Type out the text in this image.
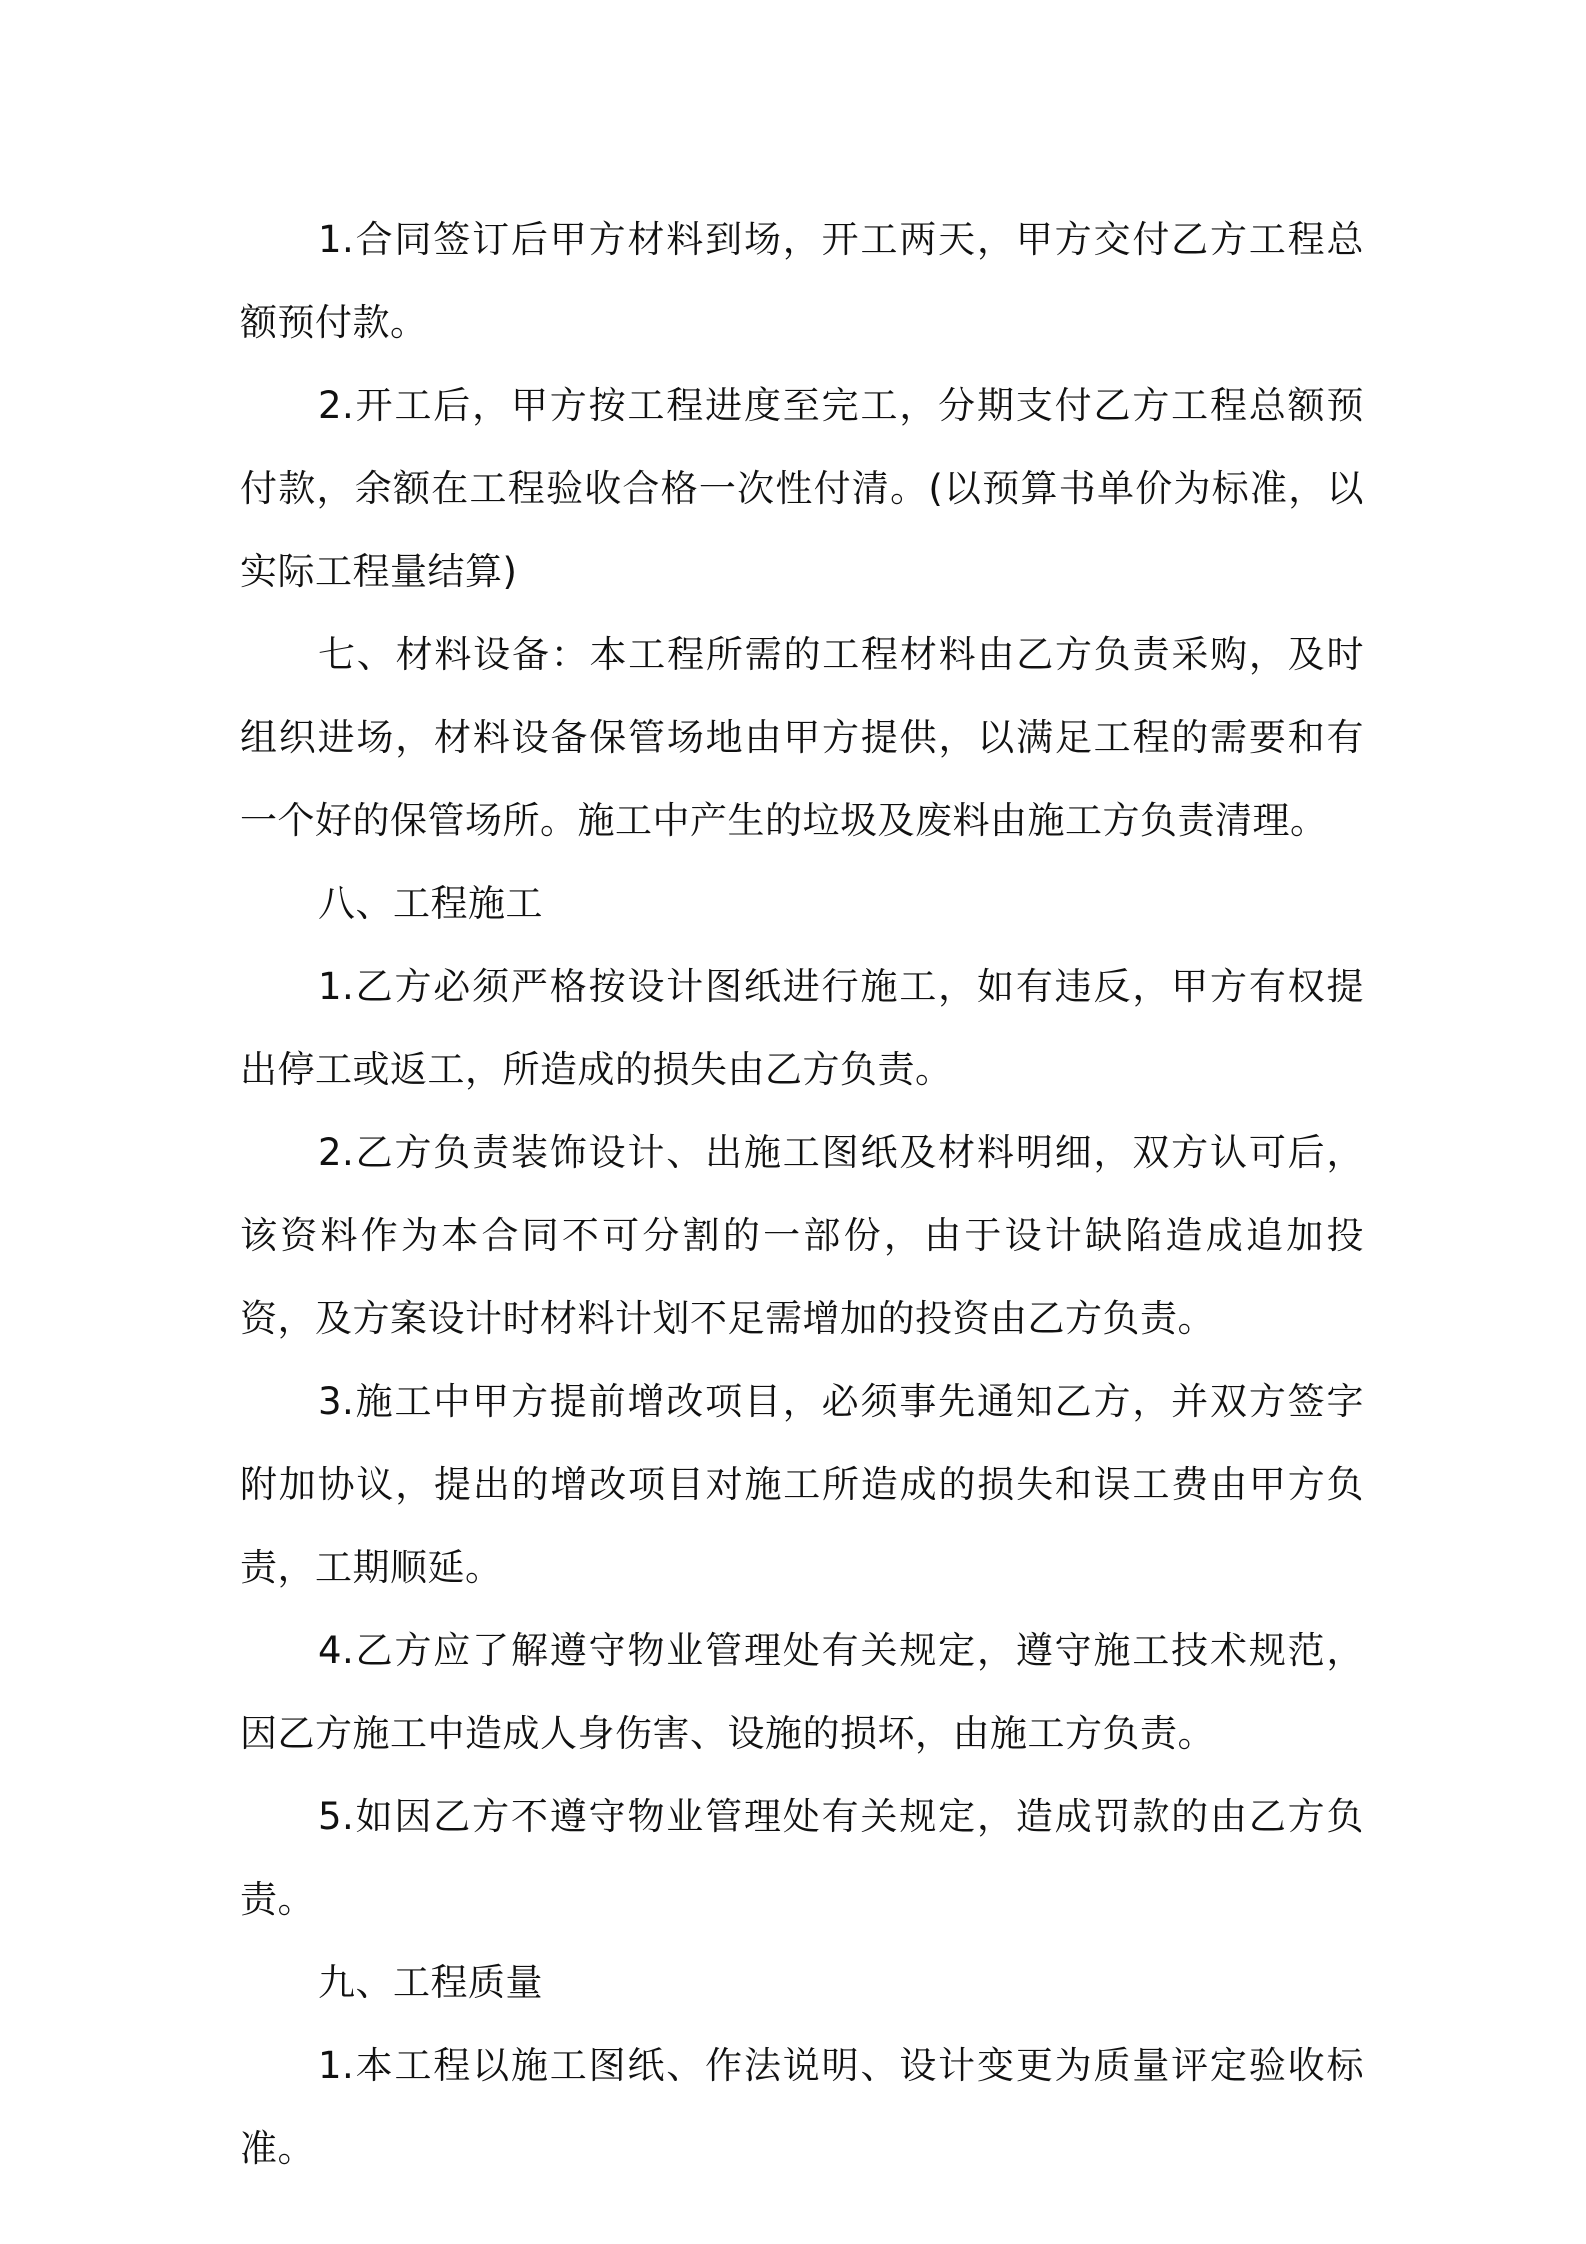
1.合同签订后甲方材料到场，开工两天，甲方交付乙方工程总额预付款。

2.开工后，甲方按工程进度至完工，分期支付乙方工程总额预付款，余额在工程验收合格一次性付清。(以预算书单价为标准，以实际工程量结算)

七、材料设备：本工程所需的工程材料由乙方负责采购，及时组织进场，材料设备保管场地由甲方提供，以满足工程的需要和有一个好的保管场所。施工中产生的垃圾及废料由施工方负责清理。

八、工程施工

1.乙方必须严格按设计图纸进行施工，如有违反，甲方有权提出停工或返工，所造成的损失由乙方负责。

2.乙方负责装饰设计、出施工图纸及材料明细，双方认可后，该资料作为本合同不可分割的一部份，由于设计缺陷造成追加投资，及方案设计时材料计划不足需增加的投资由乙方负责。

3.施工中甲方提前增改项目，必须事先通知乙方，并双方签字附加协议，提出的增改项目对施工所造成的损失和误工费由甲方负责，工期顺延。

4.乙方应了解遵守物业管理处有关规定，遵守施工技术规范，因乙方施工中造成人身伤害、设施的损坏，由施工方负责。

5.如因乙方不遵守物业管理处有关规定，造成罚款的由乙方负责。

九、工程质量

1.本工程以施工图纸、作法说明、设计变更为质量评定验收标准。
